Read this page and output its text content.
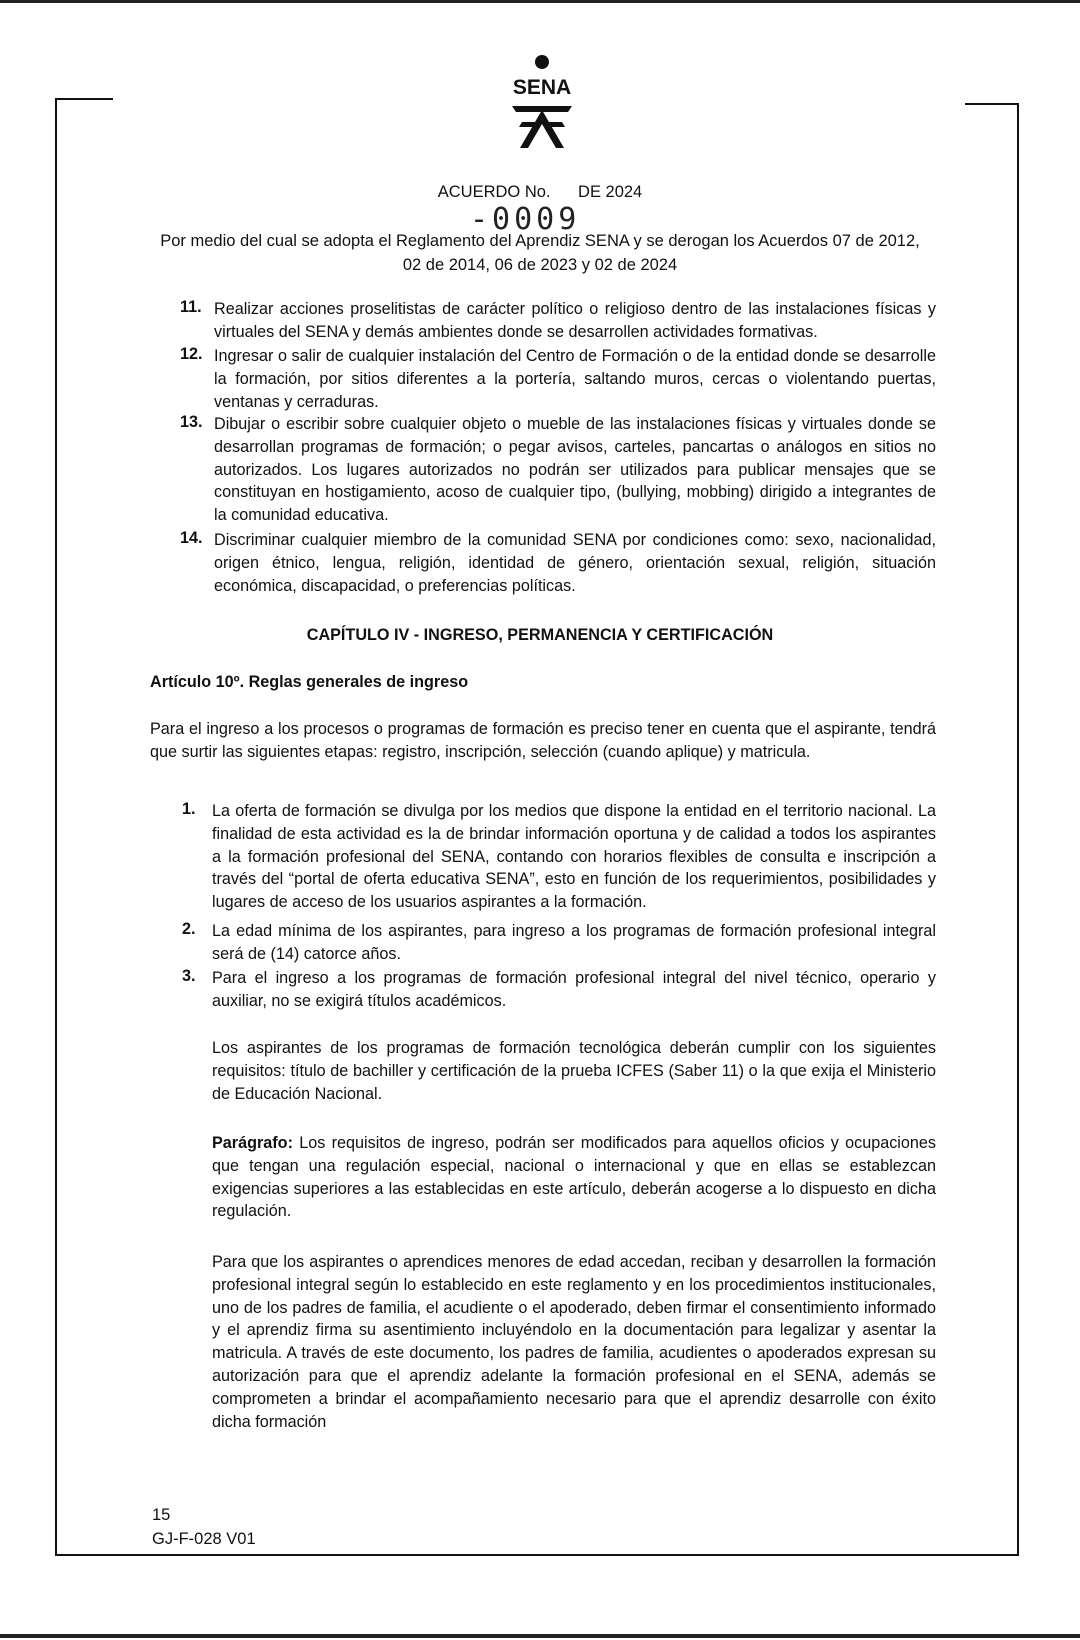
SENA
ACUERDO No.      DE 2024
-0009
Por medio del cual se adopta el Reglamento del Aprendiz SENA y se derogan los Acuerdos 07 de 2012, 02 de 2014, 06 de 2023 y 02 de 2024
11. Realizar acciones proselitistas de carácter político o religioso dentro de las instalaciones físicas y virtuales del SENA y demás ambientes donde se desarrollen actividades formativas.
12. Ingresar o salir de cualquier instalación del Centro de Formación o de la entidad donde se desarrolle la formación, por sitios diferentes a la portería, saltando muros, cercas o violentando puertas, ventanas y cerraduras.
13. Dibujar o escribir sobre cualquier objeto o mueble de las instalaciones físicas y virtuales donde se desarrollan programas de formación; o pegar avisos, carteles, pancartas o análogos en sitios no autorizados. Los lugares autorizados no podrán ser utilizados para publicar mensajes que se constituyan en hostigamiento, acoso de cualquier tipo, (bullying, mobbing) dirigido a integrantes de la comunidad educativa.
14. Discriminar cualquier miembro de la comunidad SENA por condiciones como: sexo, nacionalidad, origen étnico, lengua, religión, identidad de género, orientación sexual, religión, situación económica, discapacidad, o preferencias políticas.
CAPÍTULO IV - INGRESO, PERMANENCIA Y CERTIFICACIÓN
Artículo 10º. Reglas generales de ingreso
Para el ingreso a los procesos o programas de formación es preciso tener en cuenta que el aspirante, tendrá que surtir las siguientes etapas: registro, inscripción, selección (cuando aplique) y matricula.
1. La oferta de formación se divulga por los medios que dispone la entidad en el territorio nacional. La finalidad de esta actividad es la de brindar información oportuna y de calidad a todos los aspirantes a la formación profesional del SENA, contando con horarios flexibles de consulta e inscripción a través del “portal de oferta educativa SENA”, esto en función de los requerimientos, posibilidades y lugares de acceso de los usuarios aspirantes a la formación.
2. La edad mínima de los aspirantes, para ingreso a los programas de formación profesional integral será de (14) catorce años.
3. Para el ingreso a los programas de formación profesional integral del nivel técnico, operario y auxiliar, no se exigirá títulos académicos.
Los aspirantes de los programas de formación tecnológica deberán cumplir con los siguientes requisitos: título de bachiller y certificación de la prueba ICFES (Saber 11) o la que exija el Ministerio de Educación Nacional.
Parágrafo: Los requisitos de ingreso, podrán ser modificados para aquellos oficios y ocupaciones que tengan una regulación especial, nacional o internacional y que en ellas se establezcan exigencias superiores a las establecidas en este artículo, deberán acogerse a lo dispuesto en dicha regulación.
Para que los aspirantes o aprendices menores de edad accedan, reciban y desarrollen la formación profesional integral según lo establecido en este reglamento y en los procedimientos institucionales, uno de los padres de familia, el acudiente o el apoderado, deben firmar el consentimiento informado y el aprendiz firma su asentimiento incluyéndolo en la documentación para legalizar y asentar la matricula. A través de este documento, los padres de familia, acudientes o apoderados expresan su autorización para que el aprendiz adelante la formación profesional en el SENA, además se comprometen a brindar el acompañamiento necesario para que el aprendiz desarrolle con éxito dicha formación
15
GJ-F-028 V01
